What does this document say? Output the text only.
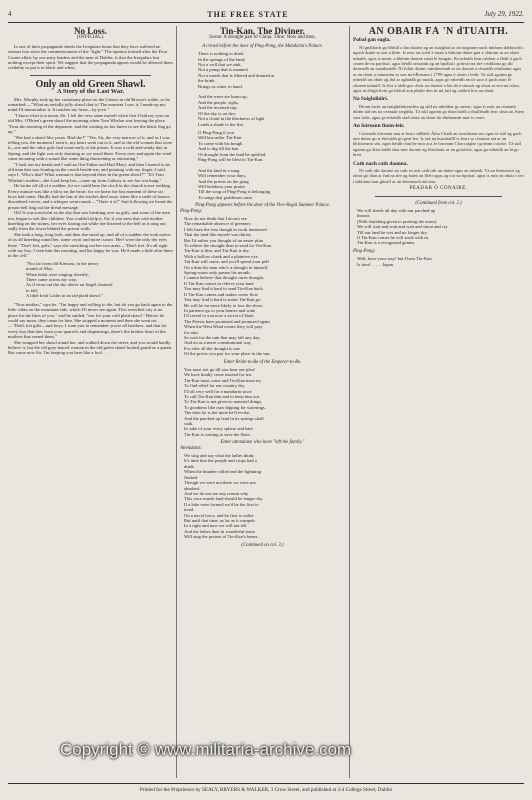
4	THE FREE STATE	July 29, 1922.
No Loss.
(OFFICIAL).

In one of their propaganda sheets the Irregulars boast that they have suffered no serious loss since the commencement of the "fight." The opinion formed after the Four Courts affair, by our army leaders and the men of Dublin, is that the Irregulars lost nothing except their spirit. We suggest that the propaganda agents would be allowed them credulity to put it in black and white.

Only an old Green Shawl.
A Story of the Last War.

Mrs. Murphy took up her customary place on the Greens in old Brown's stable, as he remarked:—"What an awfully jolly shawl that is! The moment I saw it, I made up my mind I'd immortalise it. It touches my heart—by jove."

"I know what you mean, Sir. I felt the very same myself when first I laid my eyes on old Mrs. O'Brien's green shawl the morning when Tom Whelan was leaving the place. 'Twas the morning of the departure, and the waiting on her knees to see the black flag go up."

"She had a shawl like yours. Had she?" "Yes, Sir, the very marrow of it, and as I was telling you, the moment I seen it, my heart went out to it, and to the old woman that wore it—me and the other girls had come early to the prison. It was a cold and windy day in Spring, and the light was only dawning as we stood there. Every now and again the wind came moaning with a sound like some thing threatening or entreating."

"I took out my beads and I said an Our Father and Hail Mary; and then I turned to an old man that was leaning on the crutch beside me, and pointing with my finger, I said, says I: 'Who's that? What woman is that beyond there in the green shawl?'" "It's Tom Whelan's mother—the Lord keep her—came up from Galway to see her son hung."

He broke off all of a sudden, for we could hear the clock in the church tower striking. Every minute was like a blow on the heart; for we knew the last moment of these six boys had come. Hardly had the last of the strokes died away when like a rattle of hoarse, disordered voices, and a whisper went round:—"There it is!" And following we heard the prison bell ring out the dread message.

Oh! It was sorrowful as the day that was breaking over us girls, and some of the men too, began to sob like children. You couldn't help it, Sir, if you seen that cold mother kneeling on the stones, her eyes staring out while she listened to the bell as it rang out sadly from the tower behind the prison walls.

She took a long, long look, and then she stood up, and all of a sudden she took notice of us all kneeling round her, some cryin' and more cursin'. Her! were the only dry eyes there. "Don't fret, girls," says she stretching out her two arms—"Don't fret. It's all right with my boy. I seen him this morning, and his happy he was. He'd made a little altar there in the cell."

"Not far from old Kinvara, in the merry
month of May,
When birds were singing cheerily,
There came across my way,
As if from out the sky above an Angel chanced
to fall,
A little Irish Cailin in an old plaid shawl."

"Now mother," says he. "I'm happy and willing to die, but do you go back again to the little cabin on the mountain side, which I'll never see again. This wretched city is no place for the likes of you," said he smiled, "nor for your cold plaid shawl." Before he could say more, they came for him. She stopped a moment and then she went on:—"Don't fret girls—and boys; I want you to remember you're all brothers, and that for every boy that dies from your quarrels and dispensings, there's the broken heart of the mothers that reared them."

She wrapped her shawl round her, and walked down the street, and you would hardly believe it, but the old grey-haired woman in the old green shawl looked grand as a queen. But come now Sir, I'm keeping you here like a fool . . .

Tin-Kan, The Diviner.
Scene: A drought part of China. Time: Now and then.
A crowd before the door of Ping-Pong, the Mandarin's Palace.
There is nothing to drink
In the springs of the land;
Not a well that we sink,
Not a pump that is manned.
Not a marsh that is filtered and drained at
the brink
Brings us water to hand.

And the roses are burnt up,
And the people, sighs,
And the inverted cup
Of the sky is on fire;
Not a cloud in the blackness of light
Lends a shade to the fire.
O Ping-Pong if you
Will but suffer Tin-Kan
To come with his bough
And to dig till the ban
Of drought from the land be uplifted,
Ping-Pong will be blest in Tin-Kan.

And the land in a song
Will remember your days,
And the priests on the gong
Will belabour your praise
Till the song of Ping-Pong is belonging
To songs that goddesses raise.
Ping-Pong appears before the door of the Vice-Regal Summer Palace.
Ping-Pong:
Now do not think that I do not see
The remarkable absence of greenery.
I felt from the first though in work immersed
That the land like myself was thirsty.
But I'd rather you thought of an easier plan
To relieve the drought than to send for Tin-Kan.
Tin-Kan is thin, and Tin-Kan is dry,
With a hollow cheek and a plaintive eye.
Tin-Kan will come, and you'll spend your pelf
On a thin dry man who's a drought in himself.
Spring-water only passes his mouth.
I cannot believe that drought cures drought.
If Tin-Kan comes to relieve your land
You may find it hard to send Tin-Kan back.
If Tin-Kan comes and makes water flow
You may find it hard to make Tin-Kan go.
He will be far more likely to loss the show,
In patience go to your homes and wait;
I'll reveal to you now a secret of State,
The Priests have promised and promised again
When the West Wind comes they will pray
for rain.
So wait for the rain that may fall any day,
And on as a mere constitutional way
For after all the drought is one
Of the prices you pay for your place in the sun.
Enter Bride-to-Be of the Emperor-to-Be.
You must not go till you hear our plea!
We have kindly come instead for tea.
Tin-Kan must come and Tin-Kan must try
To find relief for our country dry.
I'll all very well for a mandarin since
To call Tin-Kan thin and to keep him out.
To Tin-Kan is not given to material things,
To goodness like ours dipping for waterings.
The drier he is the more he'll evoke,
And the parched up land in its springs shall
soak.
In sake of your every sphere and hate
Tin-Kan is coming to save the State.
Enter attendants who have "left the family."
Attendants:
We sing and say what the ladies think;
It's time that the people and crops had a
drink.
When the thunder rolled and the lightning
flashed
Though we were not there we were not
abashed.
And we do not see any reason why
This once marsh land should be longer dry.
If a lake were formed we'd be the first to
tread
On a naval force, and be first to enlist.
But until that time, as far as it compels
In a right and now we will not tell
And the ladies then in wonderful tones
Will sing the praises of Tin-Kan's bones.
(Continued on col. 3.)
AN OBAIR FÁ 'N dTUAITH.
Pobal gan eagla.

Ní gnáthach go bhfuil a lán daoine ag an tsaoghal so ná tuigeann nach mbíonn dúthracht i ngach duine ar son a thíre. Is mór an scéal é nuair a bhíonn duine gan a chúram ar an obair mhaith, agus is minic a bhíonn daoine sásta le beagán. Ba mhaith linn cabhair a fháil ó gach ceann de na paróistí, agus béidh seasamh ag an bpobal i gcúrsaí na tíre i mbliana go dtí deireadh an tsamhraidh. Ní foláir dúinn cuimhneamh ar na daoine a chuaidh rómhainn agus ar an obair a rinneadar ar son na hÉireann i 1798 agus ó shoin i leith. Tá súil againn go mbeidh an obair ag dul ar aghaidh go maith, agus go mbeidh an tír saor ó gach anró fé cheann tamaill. Is fíor a rádh gur chuir na daoine a lán dá n-aimsir ag obair ar son na cúise, agus ní dóigh liom go bhfuil aon pháirt den tír ná fuil ag cabhrú leis an obair.

Na Saighdiúirí.

Bíonn lucht an tsaighdiúireachta ag siúl na mbóthar go minic, agus is mór an cúnamh dúinn iad ins na ceantair iargúlta. Tá súil againn go dtiocfaidh a thuilleadh fear chun an Airm sara fada, agus go mbeidh siad sásta an obair do dhéanamh mar is ceart.

An foireann fionn-leir.

Cuireadh foireann nua ar bun i mBaile Átha Cliath an tseachtain seo agus tá súil ag gach aon duine go n-éireoidh go geal leo. Is iad na buachaillí is fearr sa chontae atá ar an bhfoireann seo, agus béidh cluiche mór aca le foireann Chorcaighe i gceann coicíse. Tá súil againn go dtiocfaidh slua mór daoine ag féachaint ar an gcluiche, agus go mbeidh an lá go breá.

Cath nach cath daonna.

Ní cath idir daoine an cath so ach cath idir an duine agus an talamh. Tá na feirmeoirí ag obair go dian ar fud na tíre ag baint an fhéir agus ag cur na bprátaí, agus is mór an obair í seo i mbliana mar gheall ar an dtriomach atá ann.

PEADAR Ó CONAIRE.
(Continued from col. 2.)
We will shriek all day with our parched up
throats
(With shrieking given to probing the notes)
We will wait and wait and wait and shout and cry
Till our land be wet and no longer dry.
If Tin-Kan comes he will work with us.
Tin-Kan is a recognized genius.
Ping-Pong:
Well, have your way! but I hear Tin-Kan
Is tired . . . . . Japan.
Printed for the Proprietors by SEALY, BRYERS & WALKER, 3 Crow Street, and published at 3-4 College Street, Dublin
Copyright © www.militaria-archive.com
